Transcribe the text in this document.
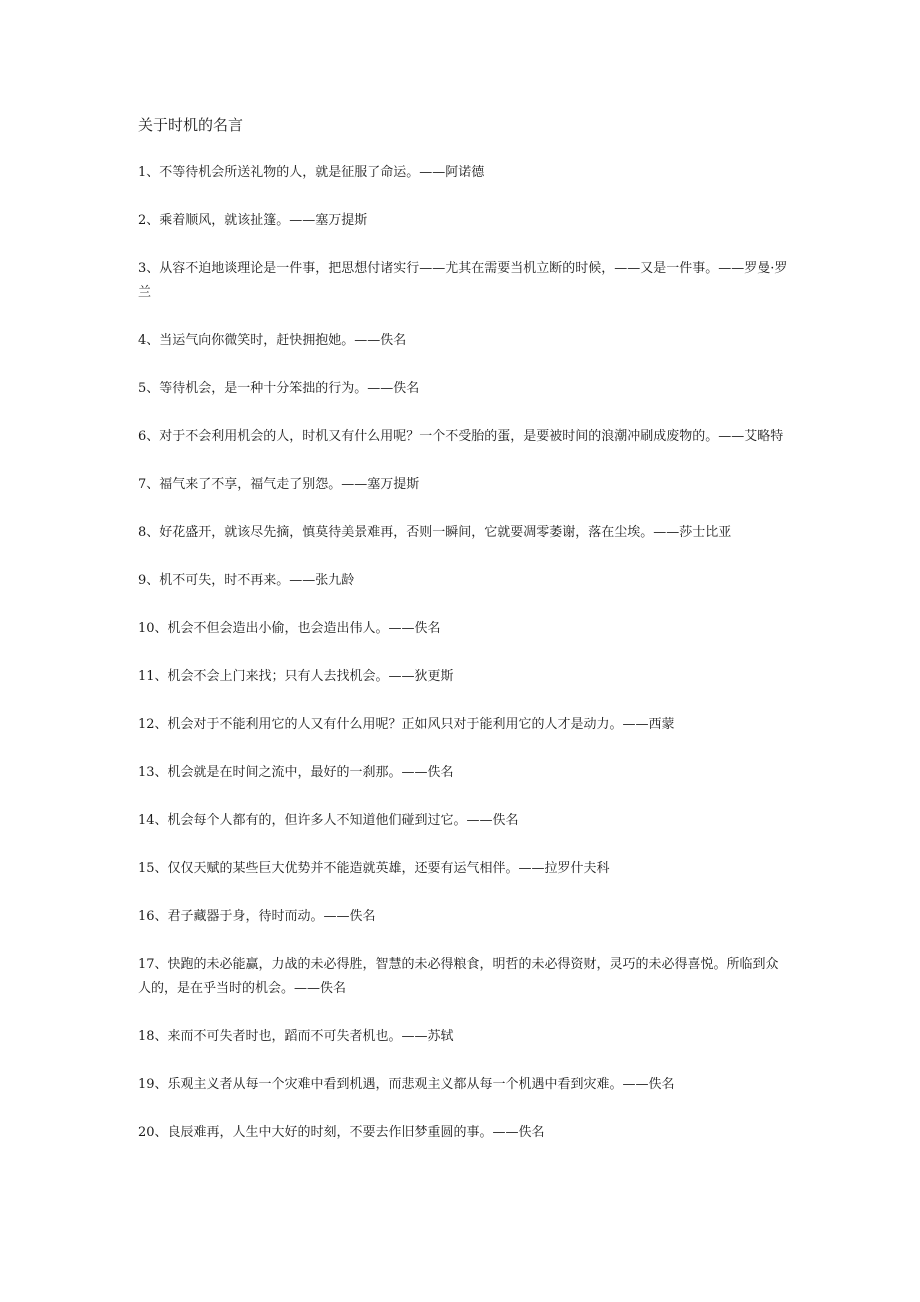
关于时机的名言
1、不等待机会所送礼物的人，就是征服了命运。——阿诺德
2、乘着顺风，就该扯篷。——塞万提斯
3、从容不迫地谈理论是一件事，把思想付诸实行——尤其在需要当机立断的时候，——又是一件事。——罗曼·罗兰
4、当运气向你微笑时，赶快拥抱她。——佚名
5、等待机会，是一种十分笨拙的行为。——佚名
6、对于不会利用机会的人，时机又有什么用呢？一个不受胎的蛋，是要被时间的浪潮冲刷成废物的。——艾略特
7、福气来了不享，福气走了别怨。——塞万提斯
8、好花盛开，就该尽先摘，慎莫待美景难再，否则一瞬间，它就要凋零萎谢，落在尘埃。——莎士比亚
9、机不可失，时不再来。——张九龄
10、机会不但会造出小偷，也会造出伟人。——佚名
11、机会不会上门来找；只有人去找机会。——狄更斯
12、机会对于不能利用它的人又有什么用呢？正如风只对于能利用它的人才是动力。——西蒙
13、机会就是在时间之流中，最好的一刹那。——佚名
14、机会每个人都有的，但许多人不知道他们碰到过它。——佚名
15、仅仅天赋的某些巨大优势并不能造就英雄，还要有运气相伴。——拉罗什夫科
16、君子藏器于身，待时而动。——佚名
17、快跑的未必能赢，力战的未必得胜，智慧的未必得粮食，明哲的未必得资财，灵巧的未必得喜悦。所临到众人的，是在乎当时的机会。——佚名
18、来而不可失者时也，蹈而不可失者机也。——苏轼
19、乐观主义者从每一个灾难中看到机遇，而悲观主义都从每一个机遇中看到灾难。——佚名
20、良辰难再，人生中大好的时刻，不要去作旧梦重圆的事。——佚名
